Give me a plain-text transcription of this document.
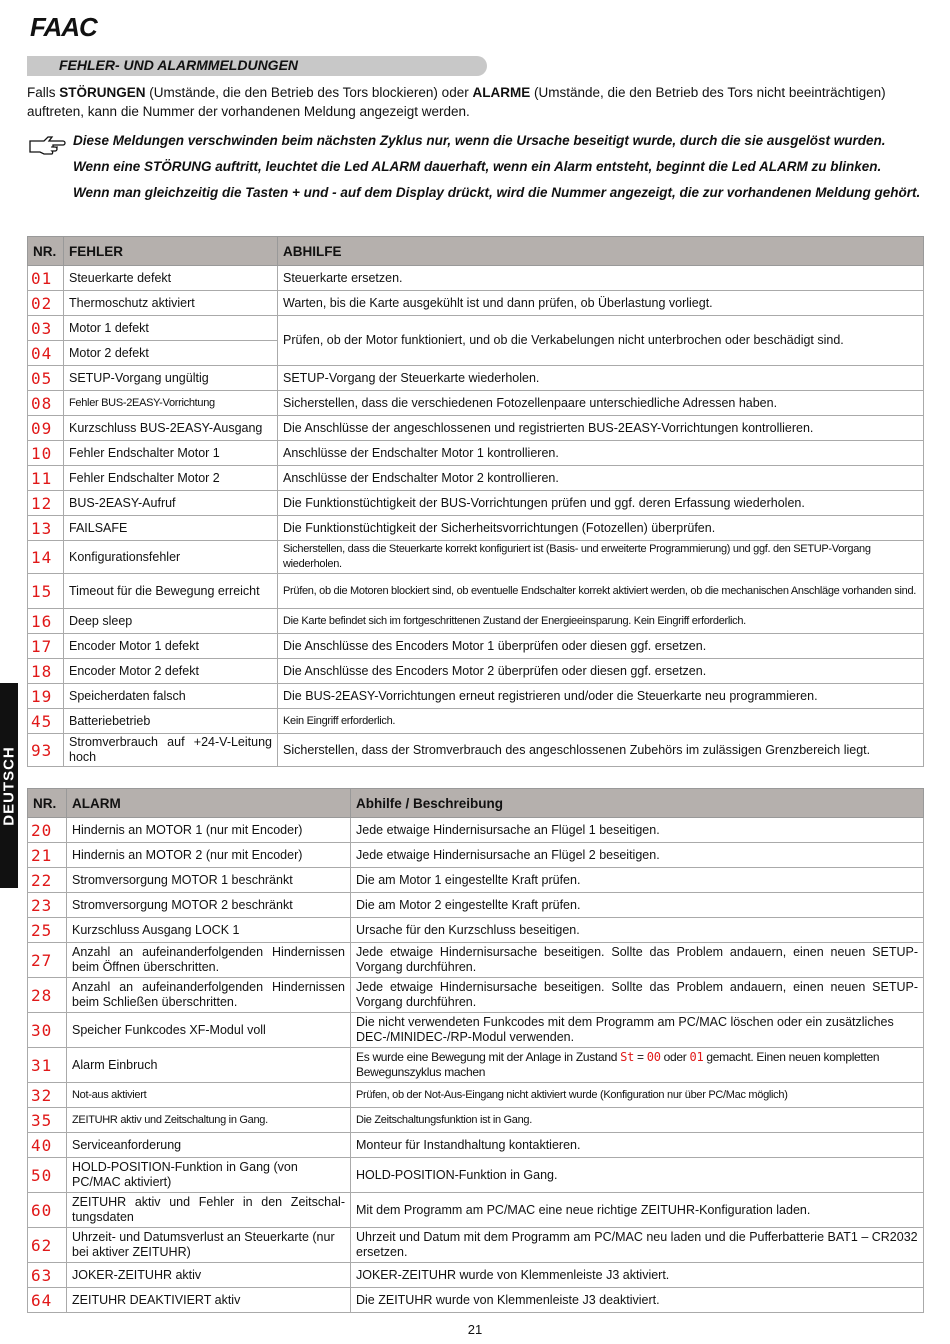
FAAC
FEHLER- UND ALARMMELDUNGEN
Falls STÖRUNGEN (Umstände, die den Betrieb des Tors blockieren) oder ALARME (Umstände, die den Betrieb des Tors nicht beeinträchtigen) auftreten, kann die Nummer der vorhandenen Meldung angezeigt werden.

Diese Meldungen verschwinden beim nächsten Zyklus nur, wenn die Ursache beseitigt wurde, durch die sie ausgelöst wurden.

Wenn eine STÖRUNG auftritt, leuchtet die Led ALARM dauerhaft, wenn ein Alarm entsteht, beginnt die Led ALARM zu blinken.

Wenn man gleichzeitig die Tasten + und - auf dem Display drückt, wird die Nummer angezeigt, die zur vorhandenen Meldung gehört.

NR.	FEHLER	ABHILFE
01	Steuerkarte defekt	Steuerkarte ersetzen.
02	Thermoschutz aktiviert	Warten, bis die Karte ausgekühlt ist und dann prüfen, ob Überlastung vorliegt.
03	Motor 1 defekt	Prüfen, ob der Motor funktioniert, und ob die Verkabelungen nicht unterbrochen oder beschädigt sind.
04	Motor 2 defekt	
05	SETUP-Vorgang ungültig	SETUP-Vorgang der Steuerkarte wiederholen.
08	Fehler BUS-2EASY-Vorrichtung	Sicherstellen, dass die verschiedenen Fotozellenpaare unterschiedliche Adressen haben.
09	Kurzschluss BUS-2EASY-Ausgang	Die Anschlüsse der angeschlossenen und registrierten BUS-2EASY-Vorrichtungen kontrollieren.
10	Fehler Endschalter Motor 1	Anschlüsse der Endschalter Motor 1 kontrollieren.
11	Fehler Endschalter Motor 2	Anschlüsse der Endschalter Motor 2 kontrollieren.
12	BUS-2EASY-Aufruf	Die Funktionstüchtigkeit der BUS-Vorrichtungen prüfen und ggf. deren Erfassung wiederholen.
13	FAILSAFE	Die Funktionstüchtigkeit der Sicherheitsvorrichtungen (Fotozellen) überprüfen.
14	Konfigurationsfehler	Sicherstellen, dass die Steuerkarte korrekt konfiguriert ist (Basis- und erweiterte Programmierung) und ggf. den SETUP-Vorgang wiederholen.
15	Timeout für die Bewegung erreicht	Prüfen, ob die Motoren blockiert sind, ob eventuelle Endschalter korrekt aktiviert werden, ob die mechanischen Anschläge vorhanden sind.
16	Deep sleep	Die Karte befindet sich im fortgeschrittenen Zustand der Energieeinsparung. Kein Eingriff erforderlich.
17	Encoder Motor 1 defekt	Die Anschlüsse des Encoders Motor 1 überprüfen oder diesen ggf. ersetzen.
18	Encoder Motor 2 defekt	Die Anschlüsse des Encoders Motor 2 überprüfen oder diesen ggf. ersetzen.
19	Speicherdaten falsch	Die BUS-2EASY-Vorrichtungen erneut registrieren und/oder die Steuerkarte neu programmieren.
45	Batteriebetrieb	Kein Eingriff erforderlich.
93	Stromverbrauch auf +24-V-Leitung hoch	Sicherstellen, dass der Stromverbrauch des angeschlossenen Zubehörs im zulässigen Grenzbereich liegt.
NR.	ALARM	Abhilfe / Beschreibung
20	Hindernis an MOTOR 1 (nur mit Encoder)	Jede etwaige Hindernisursache an Flügel 1 beseitigen.
21	Hindernis an MOTOR 2 (nur mit Encoder)	Jede etwaige Hindernisursache an Flügel 2 beseitigen.
22	Stromversorgung MOTOR 1 beschränkt	Die am Motor 1 eingestellte Kraft prüfen.
23	Stromversorgung MOTOR 2 beschränkt	Die am Motor 2 eingestellte Kraft prüfen.
25	Kurzschluss Ausgang LOCK 1	Ursache für den Kurzschluss beseitigen.
27	Anzahl an aufeinanderfolgenden Hindernissen beim Öffnen überschritten.	Jede etwaige Hindernisursache beseitigen. Sollte das Problem andauern, einen neuen SETUP-Vorgang durchführen.
28	Anzahl an aufeinanderfolgenden Hindernissen beim Schließen überschritten.	Jede etwaige Hindernisursache beseitigen. Sollte das Problem andauern, einen neuen SETUP-Vorgang durchführen.
30	Speicher Funkcodes XF-Modul voll	Die nicht verwendeten Funkcodes mit dem Programm am PC/MAC löschen oder ein zusätzliches DEC-/MINIDEC-/RP-Modul verwenden.
31	Alarm Einbruch	Es wurde eine Bewegung mit der Anlage in Zustand St = 00 oder 01 gemacht. Einen neuen kompletten Bewegunszyklus machen
32	Not-aus aktiviert	Prüfen, ob der Not-Aus-Eingang nicht aktiviert wurde (Konfiguration nur über PC/Mac möglich)
35	ZEITUHR aktiv und Zeitschaltung in Gang.	Die Zeitschaltungsfunktion ist in Gang.
40	Serviceanforderung	Monteur für Instandhaltung kontaktieren.
50	HOLD-POSITION-Funktion in Gang (von PC/MAC aktiviert)	HOLD-POSITION-Funktion in Gang.
60	ZEITUHR aktiv und Fehler in den Zeitschal-tungsdaten	Mit dem Programm am PC/MAC eine neue richtige ZEITUHR-Konfiguration laden.
62	Uhrzeit- und Datumsverlust an Steuerkarte (nur bei aktiver ZEITUHR)	Uhrzeit und Datum mit dem Programm am PC/MAC neu laden und die Pufferbatterie BAT1 – CR2032 ersetzen.
63	JOKER-ZEITUHR aktiv	JOKER-ZEITUHR wurde von Klemmenleiste J3 aktiviert.
64	ZEITUHR DEAKTIVIERT aktiv	Die ZEITUHR wurde von Klemmenleiste J3 deaktiviert.
DEUTSCH
21
